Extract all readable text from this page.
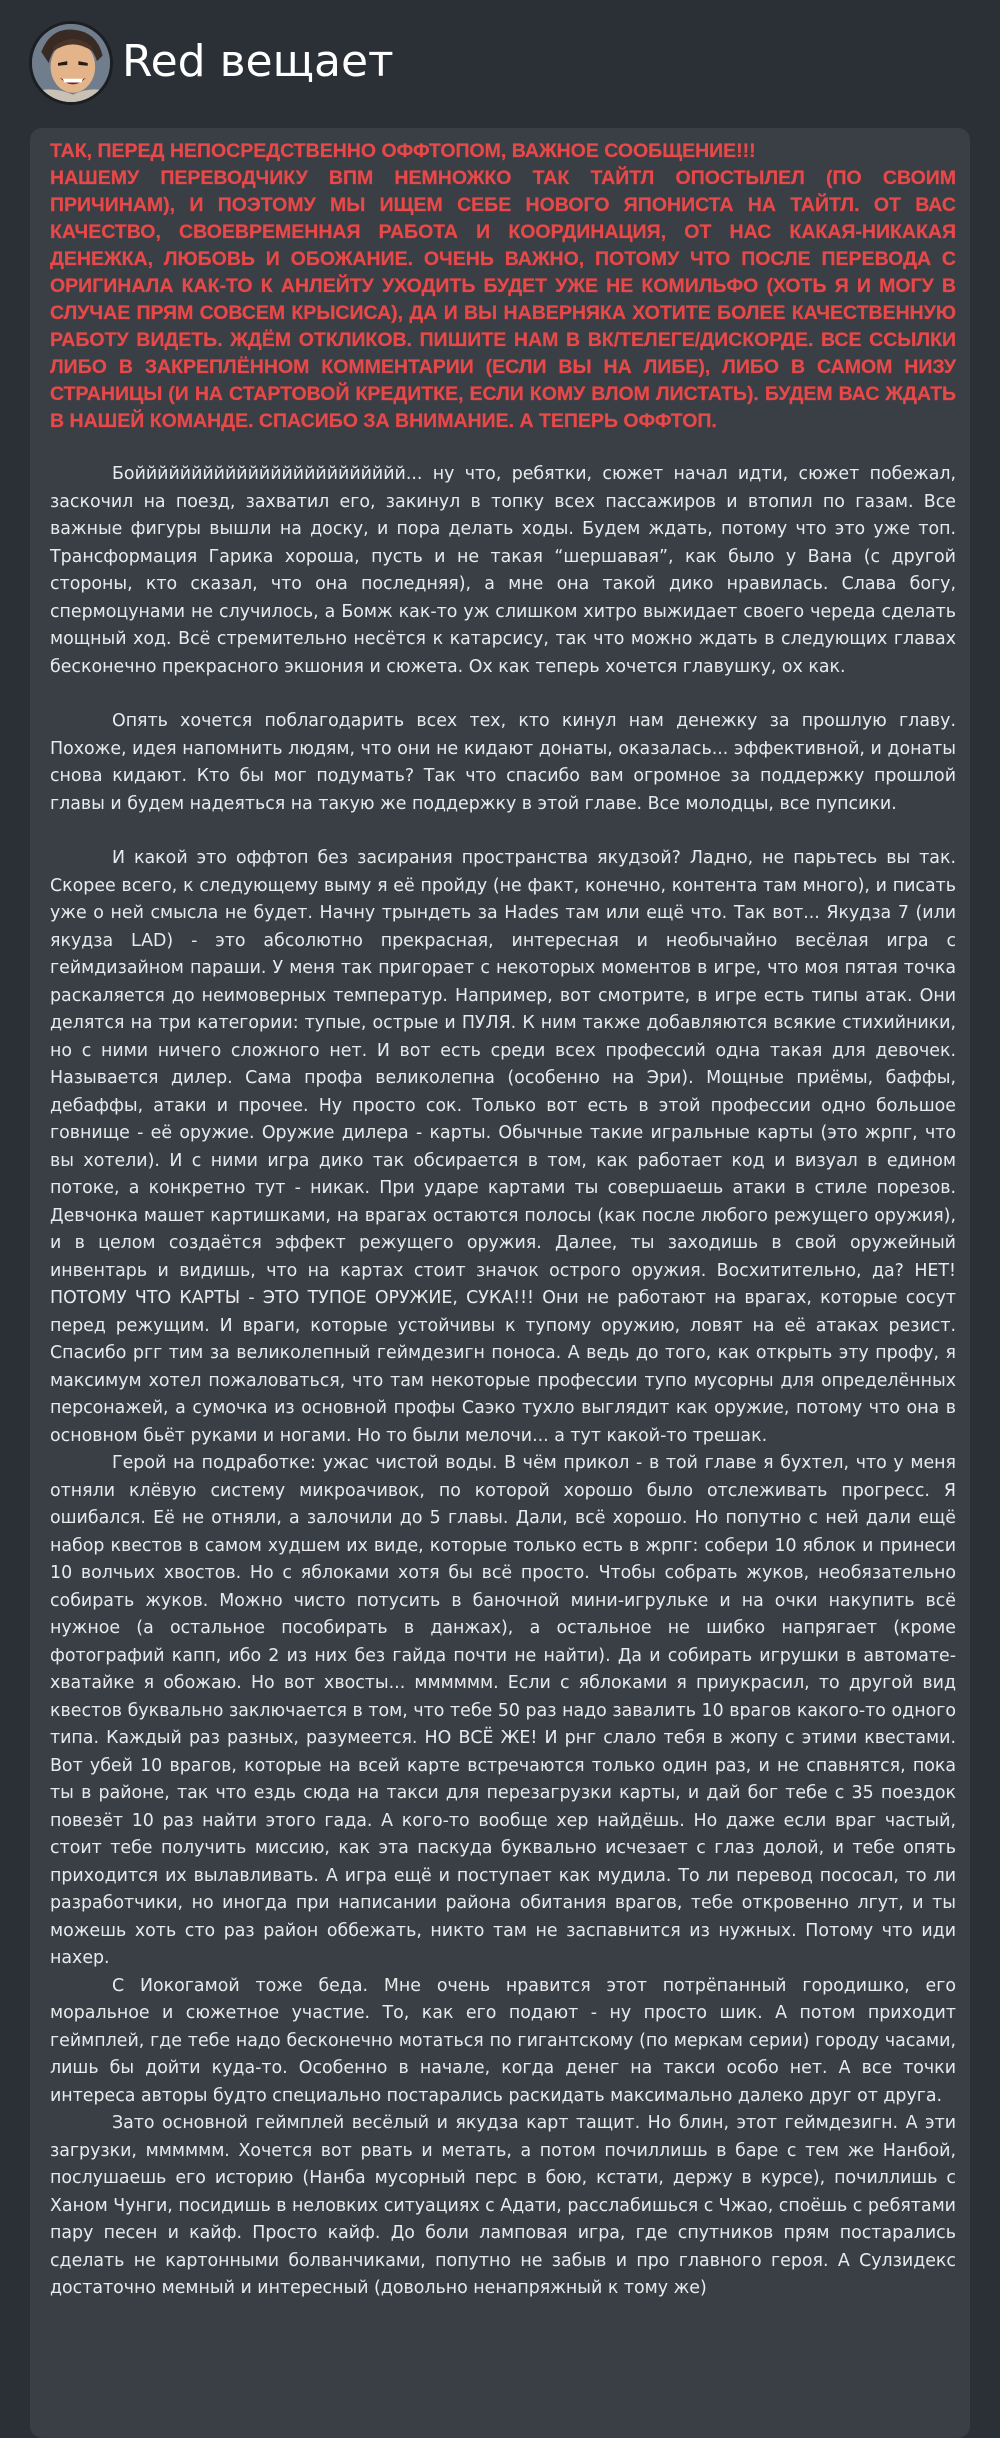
Red вещает

ТАК, ПЕРЕД НЕПОСРЕДСТВЕННО ОФФТОПОМ, ВАЖНОЕ СООБЩЕНИЕ!!!
НАШЕМУ ПЕРЕВОДЧИКУ ВПМ НЕМНОЖКО ТАК ТАЙТЛ ОПОСТЫЛЕЛ (ПО СВОИМ ПРИЧИНАМ), И ПОЭТОМУ МЫ ИЩЕМ СЕБЕ НОВОГО ЯПОНИСТА НА ТАЙТЛ. ОТ ВАС КАЧЕСТВО, СВОЕВРЕМЕННАЯ РАБОТА И КООРДИНАЦИЯ, ОТ НАС КАКАЯ-НИКАКАЯ ДЕНЕЖКА, ЛЮБОВЬ И ОБОЖАНИЕ. ОЧЕНЬ ВАЖНО, ПОТОМУ ЧТО ПОСЛЕ ПЕРЕВОДА С ОРИГИНАЛА КАК-ТО К АНЛЕЙТУ УХОДИТЬ БУДЕТ УЖЕ НЕ КОМИЛЬФО (ХОТЬ Я И МОГУ В СЛУЧАЕ ПРЯМ СОВСЕМ КРЫСИСА), ДА И ВЫ НАВЕРНЯКА ХОТИТЕ БОЛЕЕ КАЧЕСТВЕННУЮ РАБОТУ ВИДЕТЬ. ЖДЁМ ОТКЛИКОВ. ПИШИТЕ НАМ В ВК/ТЕЛЕГЕ/ДИСКОРДЕ. ВСЕ ССЫЛКИ ЛИБО В ЗАКРЕПЛЁННОМ КОММЕНТАРИИ (ЕСЛИ ВЫ НА ЛИБЕ), ЛИБО В САМОМ НИЗУ СТРАНИЦЫ (И НА СТАРТОВОЙ КРЕДИТКЕ, ЕСЛИ КОМУ ВЛОМ ЛИСТАТЬ). БУДЕМ ВАС ЖДАТЬ В НАШЕЙ КОМАНДЕ. СПАСИБО ЗА ВНИМАНИЕ. А ТЕПЕРЬ ОФФТОП.

Бойййййййййййййййййййййййй... ну что, ребятки, сюжет начал идти, сюжет побежал, заскочил на поезд, захватил его, закинул в топку всех пассажиров и втопил по газам. Все важные фигуры вышли на доску, и пора делать ходы. Будем ждать, потому что это уже топ. Трансформация Гарика хороша, пусть и не такая “шершавая”, как было у Вана (с другой стороны, кто сказал, что она последняя), а мне она такой дико нравилась. Слава богу, спермоцунами не случилось, а Бомж как-то уж слишком хитро выжидает своего череда сделать мощный ход. Всё стремительно несётся к катарсису, так что можно ждать в следующих главах бесконечно прекрасного экшония и сюжета. Ох как теперь хочется главушку, ох как.

Опять хочется поблагодарить всех тех, кто кинул нам денежку за прошлую главу. Похоже, идея напомнить людям, что они не кидают донаты, оказалась... эффективной, и донаты снова кидают. Кто бы мог подумать? Так что спасибо вам огромное за поддержку прошлой главы и будем надеяться на такую же поддержку в этой главе. Все молодцы, все пупсики.

И какой это оффтоп без засирания пространства якудзой? Ладно, не парьтесь вы так. Скорее всего, к следующему выму я её пройду (не факт, конечно, контента там много), и писать уже о ней смысла не будет. Начну трындеть за Hades там или ещё что. Так вот... Якудза 7 (или якудза LAD) - это абсолютно прекрасная, интересная и необычайно весёлая игра с геймдизайном параши. У меня так пригорает с некоторых моментов в игре, что моя пятая точка раскаляется до неимоверных температур. Например, вот смотрите, в игре есть типы атак. Они делятся на три категории: тупые, острые и ПУЛЯ. К ним также добавляются всякие стихийники, но с ними ничего сложного нет. И вот есть среди всех профессий одна такая для девочек. Называется дилер. Сама профа великолепна (особенно на Эри). Мощные приёмы, баффы, дебаффы, атаки и прочее. Ну просто сок. Только вот есть в этой профессии одно большое говнище - её оружие. Оружие дилера - карты. Обычные такие игральные карты (это жрпг, что вы хотели). И с ними игра дико так обсирается в том, как работает код и визуал в едином потоке, а конкретно тут - никак. При ударе картами ты совершаешь атаки в стиле порезов. Девчонка машет картишками, на врагах остаются полосы (как после любого режущего оружия), и в целом создаётся эффект режущего оружия. Далее, ты заходишь в свой оружейный инвентарь и видишь, что на картах стоит значок острого оружия. Восхитительно, да? НЕТ! ПОТОМУ ЧТО КАРТЫ - ЭТО ТУПОЕ ОРУЖИЕ, СУКА!!! Они не работают на врагах, которые сосут перед режущим. И враги, которые устойчивы к тупому оружию, ловят на её атаках резист. Спасибо ргг тим за великолепный геймдезигн поноса. А ведь до того, как открыть эту профу, я максимум хотел пожаловаться, что там некоторые профессии тупо мусорны для определённых персонажей, а сумочка из основной профы Саэко тухло выглядит как оружие, потому что она в основном бьёт руками и ногами. Но то были мелочи... а тут какой-то трешак.

Герой на подработке: ужас чистой воды. В чём прикол - в той главе я бухтел, что у меня отняли клёвую систему микроачивок, по которой хорошо было отслеживать прогресс. Я ошибался. Её не отняли, а залочили до 5 главы. Дали, всё хорошо. Но попутно с ней дали ещё набор квестов в самом худшем их виде, которые только есть в жрпг: собери 10 яблок и принеси 10 волчьих хвостов. Но с яблоками хотя бы всё просто. Чтобы собрать жуков, необязательно собирать жуков. Можно чисто потусить в баночной мини-игрульке и на очки накупить всё нужное (а остальное пособирать в данжах), а остальное не шибко напрягает (кроме фотографий капп, ибо 2 из них без гайда почти не найти). Да и собирать игрушки в автомате-хватайке я обожаю. Но вот хвосты... мммммм. Если с яблоками я приукрасил, то другой вид квестов буквально заключается в том, что тебе 50 раз надо завалить 10 врагов какого-то одного типа. Каждый раз разных, разумеется. НО ВСЁ ЖЕ! И рнг слало тебя в жопу с этими квестами. Вот убей 10 врагов, которые на всей карте встречаются только один раз, и не спавнятся, пока ты в районе, так что ездь сюда на такси для перезагрузки карты, и дай бог тебе с 35 поездок повезёт 10 раз найти этого гада. А кого-то вообще хер найдёшь. Но даже если враг частый, стоит тебе получить миссию, как эта паскуда буквально исчезает с глаз долой, и тебе опять приходится их вылавливать. А игра ещё и поступает как мудила. То ли перевод пососал, то ли разработчики, но иногда при написании района обитания врагов, тебе откровенно лгут, и ты можешь хоть сто раз район оббежать, никто там не заспавнится из нужных. Потому что иди нахер.

С Иокогамой тоже беда. Мне очень нравится этот потрёпанный городишко, его моральное и сюжетное участие. То, как его подают - ну просто шик. А потом приходит геймплей, где тебе надо бесконечно мотаться по гигантскому (по меркам серии) городу часами, лишь бы дойти куда-то. Особенно в начале, когда денег на такси особо нет. А все точки интереса авторы будто специально постарались раскидать максимально далеко друг от друга.

Зато основной геймплей весёлый и якудза карт тащит. Но блин, этот геймдезигн. А эти загрузки, мммммм. Хочется вот рвать и метать, а потом почиллишь в баре с тем же Нанбой, послушаешь его историю (Нанба мусорный перс в бою, кстати, держу в курсе), почиллишь с Ханом Чунги, посидишь в неловких ситуациях с Адати, расслабишься с Чжао, споёшь с ребятами пару песен и кайф. Просто кайф. До боли ламповая игра, где спутников прям постарались сделать не картонными болванчиками, попутно не забыв и про главного героя. А Сулзидекс достаточно мемный и интересный (довольно ненапряжный к тому же)
